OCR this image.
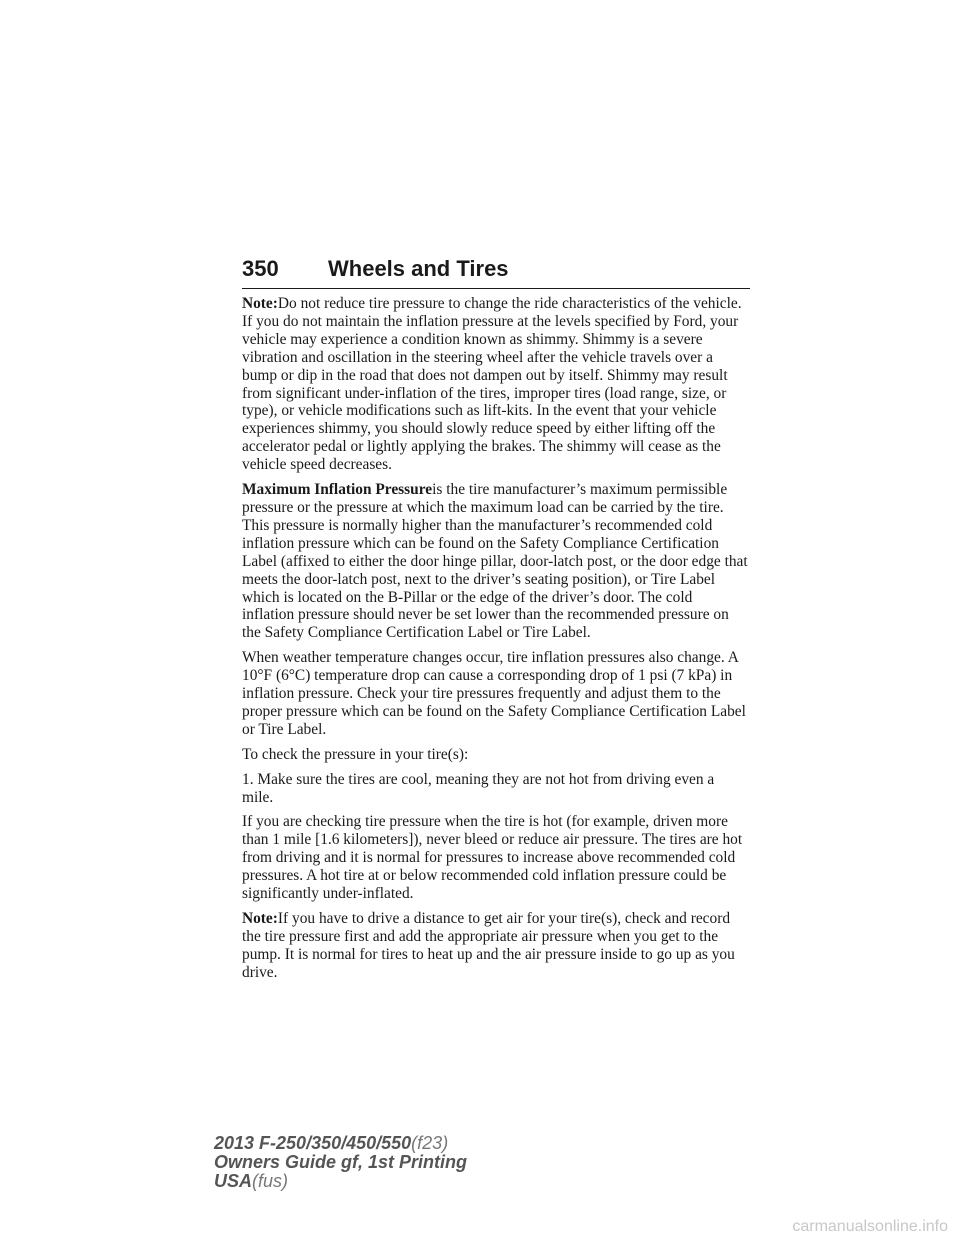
350 Wheels and Tires

Note:Do not reduce tire pressure to change the ride characteristics of the vehicle. If you do not maintain the inflation pressure at the levels specified by Ford, your vehicle may experience a condition known as shimmy. Shimmy is a severe vibration and oscillation in the steering wheel after the vehicle travels over a bump or dip in the road that does not dampen out by itself. Shimmy may result from significant under-inflation of the tires, improper tires (load range, size, or type), or vehicle modifications such as lift-kits. In the event that your vehicle experiences shimmy, you should slowly reduce speed by either lifting off the accelerator pedal or lightly applying the brakes. The shimmy will cease as the vehicle speed decreases.

Maximum Inflation Pressureis the tire manufacturer’s maximum permissible pressure or the pressure at which the maximum load can be carried by the tire. This pressure is normally higher than the manufacturer’s recommended cold inflation pressure which can be found on the Safety Compliance Certification Label (affixed to either the door hinge pillar, door-latch post, or the door edge that meets the door-latch post, next to the driver’s seating position), or Tire Label which is located on the B-Pillar or the edge of the driver’s door. The cold inflation pressure should never be set lower than the recommended pressure on the Safety Compliance Certification Label or Tire Label.

When weather temperature changes occur, tire inflation pressures also change. A 10°F (6°C) temperature drop can cause a corresponding drop of 1 psi (7 kPa) in inflation pressure. Check your tire pressures frequently and adjust them to the proper pressure which can be found on the Safety Compliance Certification Label or Tire Label.

To check the pressure in your tire(s):

1. Make sure the tires are cool, meaning they are not hot from driving even a mile.

If you are checking tire pressure when the tire is hot (for example, driven more than 1 mile [1.6 kilometers]), never bleed or reduce air pressure. The tires are hot from driving and it is normal for pressures to increase above recommended cold pressures. A hot tire at or below recommended cold inflation pressure could be significantly under-inflated.

Note:If you have to drive a distance to get air for your tire(s), check and record the tire pressure first and add the appropriate air pressure when you get to the pump. It is normal for tires to heat up and the air pressure inside to go up as you drive.

2013 F-250/350/450/550(f23)
Owners Guide gf, 1st Printing
USA(fus)
carmanualsonline.info
